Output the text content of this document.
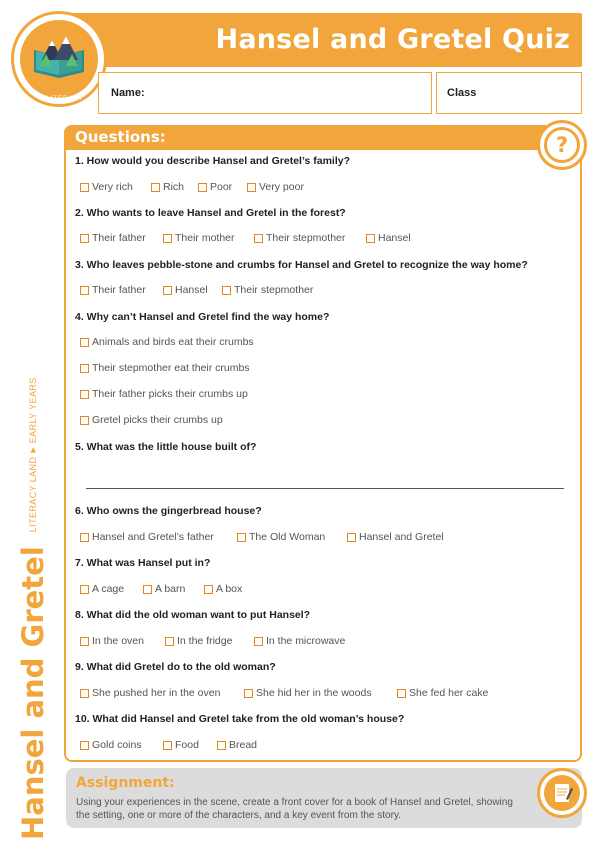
Hansel and Gretel Quiz
LITERACY	Name:	Class
Hansel and Gretel
LITERACY LAND
▶
EARLY YEARS
Questions:	?
1. How would you describe Hansel and Gretel’s family?
Very rich	Rich Poor	Very poor
2. Who wants to leave Hansel and Gretel in the forest?
Their father	Their mother	Their stepmother	Hansel
3. Who leaves pebble-stone and crumbs for Hansel and Gretel to recognize the way home?
Their father	Hansel	Their stepmother
4. Why can’t Hansel and Gretel find the way home?
Animals and birds eat their crumbs
Their stepmother eat their crumbs
Their father picks their crumbs up
Gretel picks their crumbs up
5. What was the little house built of?
6. Who owns the gingerbread house?
Hansel and Gretel’s father	The Old Woman	Hansel and Gretel
7. What was Hansel put in?
A cage	A barn	A box
8. What did the old woman want to put Hansel?
In the oven	In the fridge	In the microwave
9. What did Gretel do to the old woman?
She pushed her in the oven	She hid her in the woods	She fed her cake
10. What did Hansel and Gretel take from the old woman’s house?
Gold coins	Food	Bread
Assignment:
Using your experiences in the scene, create a front cover for a book of Hansel and Gretel, showing the setting, one or more of the characters, and a key event from the story.
